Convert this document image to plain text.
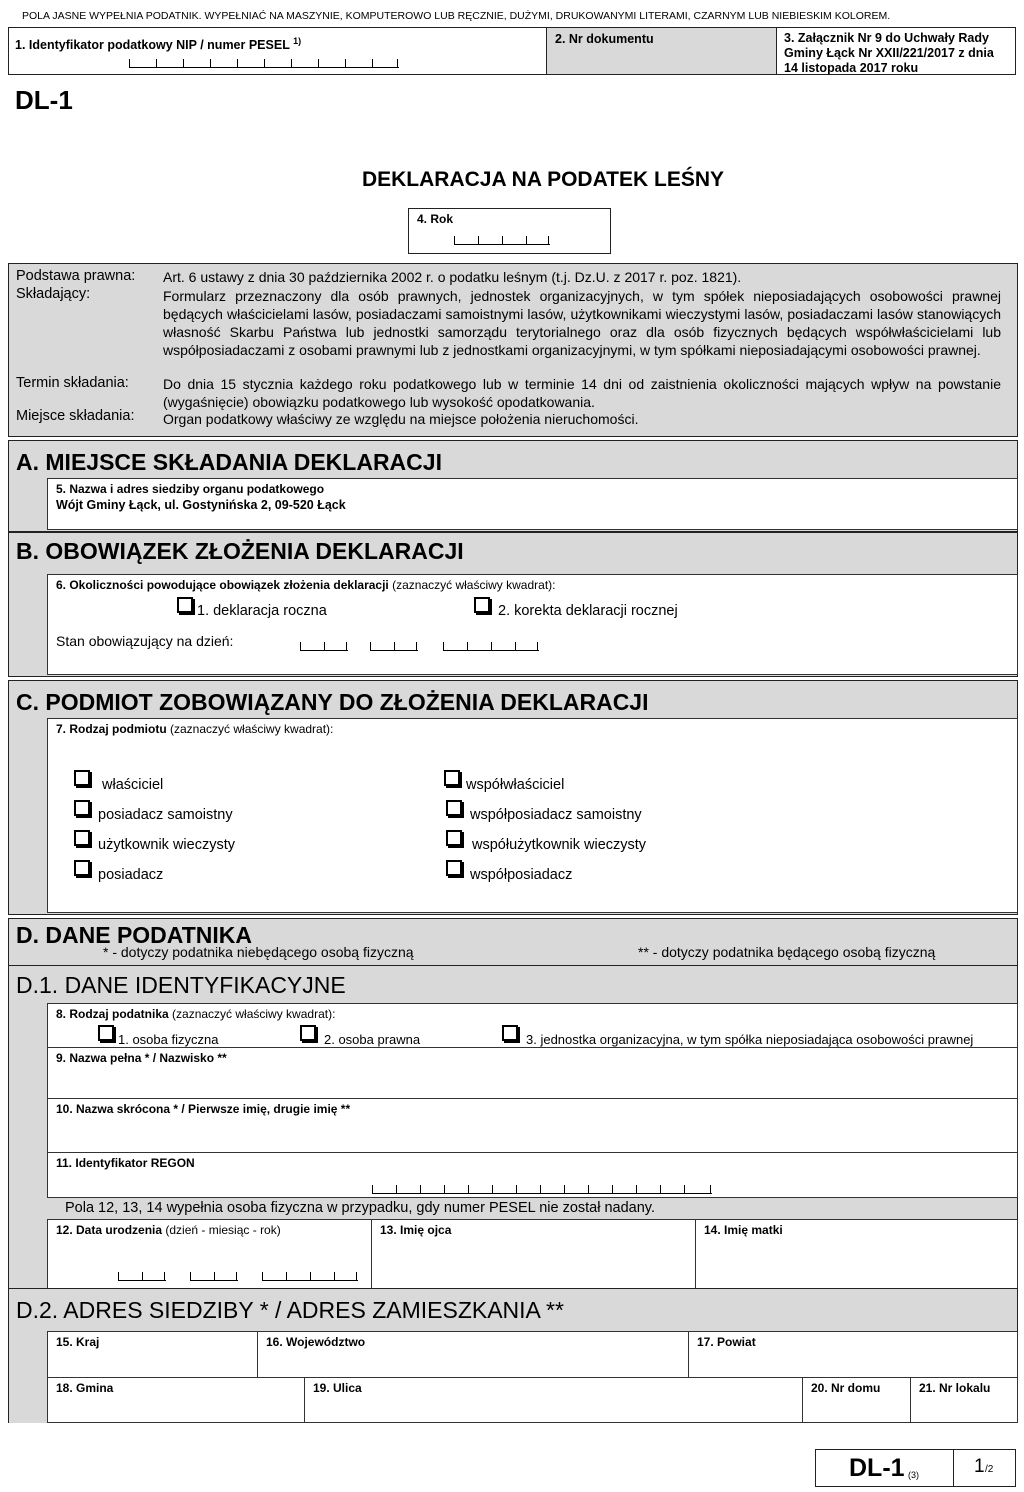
POLA JASNE WYPEŁNIA PODATNIK. WYPEŁNIAĆ NA MASZYNIE, KOMPUTEROWO LUB RĘCZNIE, DUŻYMI, DRUKOWANYMI LITERAMI, CZARNYM LUB NIEBIESKIM KOLOREM.
1. Identyfikator podatkowy NIP / numer PESEL $^{1)}$	2. Nr dokumentu	3. Załącznik Nr 9 do Uchwały Rady Gminy Łąck Nr XXII/221/2017 z dnia 14 listopada 2017 roku
DL-1
DEKLARACJA NA PODATEK LEŚNY
4. Rok
Podstawa prawna: Art. 6 ustawy z dnia 30 października 2002 r. o podatku leśnym (t.j. Dz.U. z 2017 r. poz. 1821).
Składający:	Formularz przeznaczony dla osób prawnych, jednostek organizacyjnych, w tym spółek nieposiadających osobowości prawnej będących właścicielami lasów, posiadaczami samoistnymi lasów, użytkownikami wieczystymi lasów, posiadaczami lasów stanowiących własność Skarbu Państwa lub jednostki samorządu terytorialnego oraz dla osób fizycznych będących współwłaścicielami lub współposiadaczami z osobami prawnymi lub z jednostkami organizacyjnymi, w tym spółkami nieposiadającymi osobowości prawnej.
Termin składania: Do dnia 15 stycznia każdego roku podatkowego lub w terminie 14 dni od zaistnienia okoliczności mających wpływ na powstanie (wygaśnięcie) obowiązku podatkowego lub wysokość opodatkowania.
Miejsce składania: Organ podatkowy właściwy ze względu na miejsce położenia nieruchomości.
A. MIEJSCE SKŁADANIA DEKLARACJI
5. Nazwa i adres siedziby organu podatkowego
Wójt Gminy Łąck, ul. Gostynińska 2, 09-520 Łąck
B. OBOWIĄZEK ZŁOŻENIA DEKLARACJI
6. Okoliczności powodujące obowiązek złożenia deklaracji (zaznaczyć właściwy kwadrat):
1. deklaracja roczna	2. korekta deklaracji rocznej
Stan obowiązujący na dzień:
C. PODMIOT ZOBOWIĄZANY DO ZŁOŻENIA DEKLARACJI
7. Rodzaj podmiotu (zaznaczyć właściwy kwadrat):
właściciel
posiadacz samoistny
użytkownik wieczysty
posiadacz
współwłaściciel
współposiadacz samoistny
współużytkownik wieczysty
współposiadacz
D. DANE PODATNIKA
* - dotyczy podatnika niebędącego osobą fizyczną	** - dotyczy podatnika będącego osobą fizyczną
D.1. DANE IDENTYFIKACYJNE
8. Rodzaj podatnika (zaznaczyć właściwy kwadrat):
1. osoba fizyczna	2. osoba prawna	3. jednostka organizacyjna, w tym spółka nieposiadająca osobowości prawnej
9. Nazwa pełna * / Nazwisko **
10. Nazwa skrócona * / Pierwsze imię, drugie imię **
11. Identyfikator REGON
Pola 12, 13, 14 wypełnia osoba fizyczna w przypadku, gdy numer PESEL nie został nadany.
12. Data urodzenia (dzień - miesiąc - rok)	13. Imię ojca	14. Imię matki
D.2. ADRES SIEDZIBY * / ADRES ZAMIESZKANIA **
15. Kraj	16. Województwo	17. Powiat
18. Gmina	19. Ulica	20. Nr domu	21. Nr lokalu
DL-1 (3)	1 /2
